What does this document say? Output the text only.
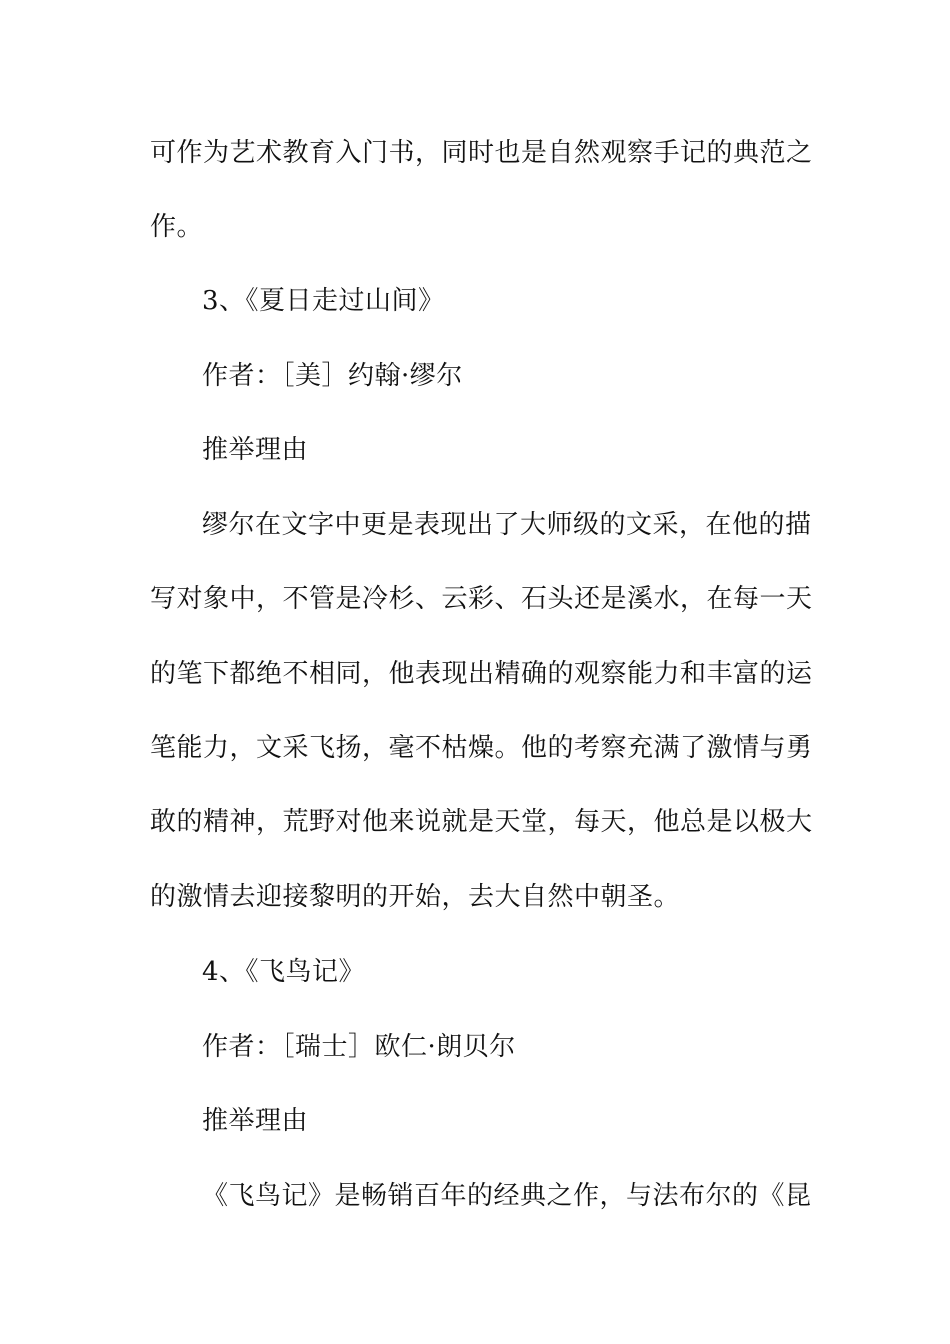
可作为艺术教育入门书，同时也是自然观察手记的典范之
作。
3、《夏日走过山间》
作者：［美］约翰·缪尔
推举理由
缪尔在文字中更是表现出了大师级的文采，在他的描
写对象中，不管是冷杉、云彩、石头还是溪水，在每一天
的笔下都绝不相同，他表现出精确的观察能力和丰富的运
笔能力，文采飞扬，毫不枯燥。他的考察充满了激情与勇
敢的精神，荒野对他来说就是天堂，每天，他总是以极大
的激情去迎接黎明的开始，去大自然中朝圣。
4、《飞鸟记》
作者：［瑞士］欧仁·朗贝尔
推举理由
《飞鸟记》是畅销百年的经典之作，与法布尔的《昆
